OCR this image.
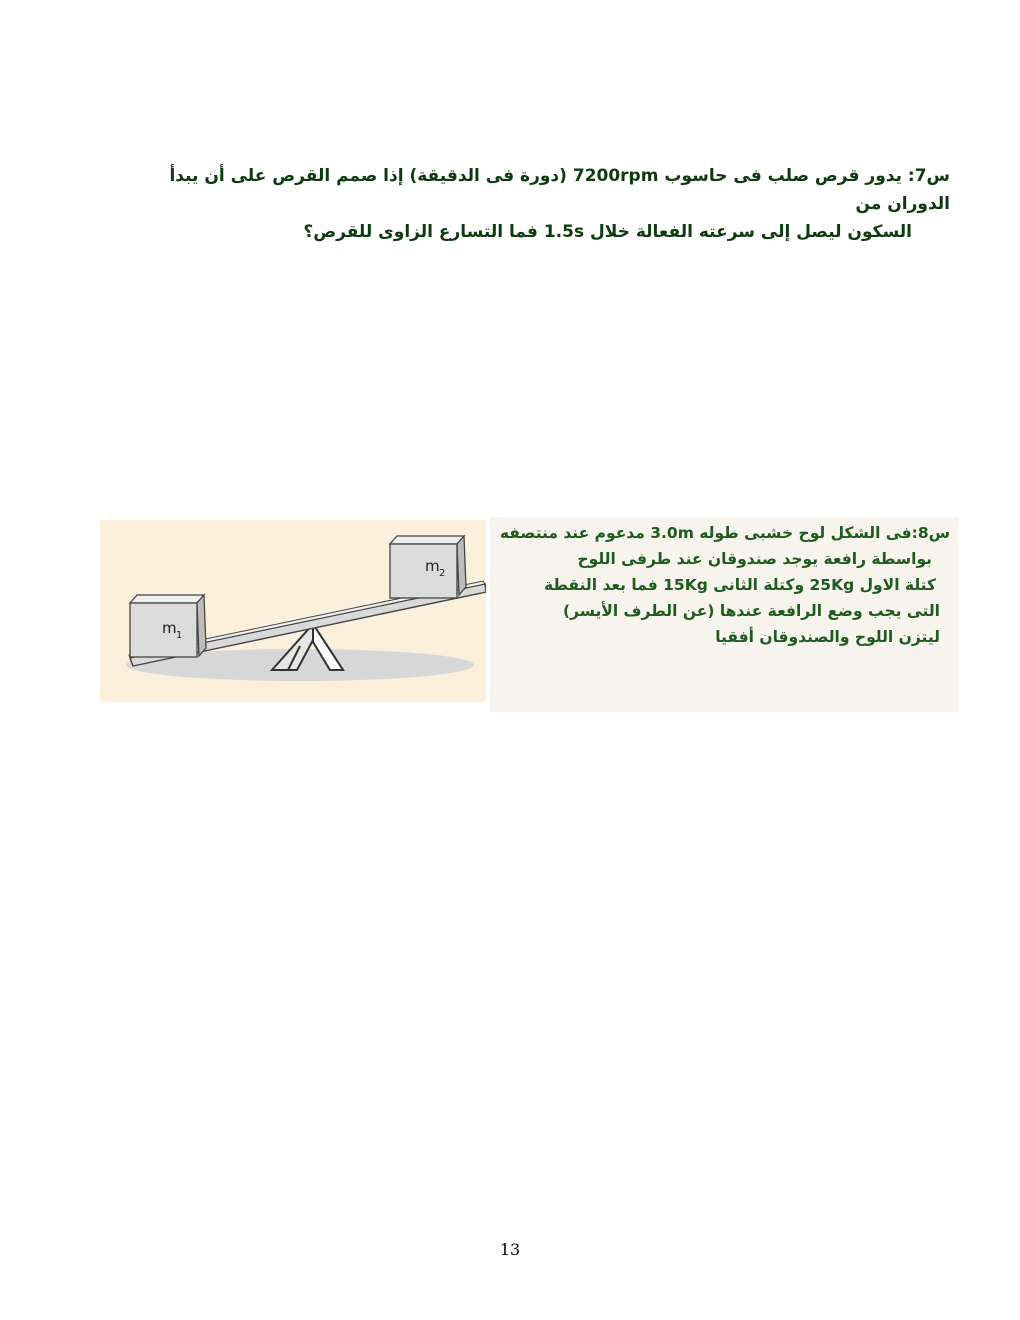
س7: يدور قرص صلب فى حاسوب 7200rpm (دورة فى الدقيقة) إذا صمم القرص على أن يبدأ الدوران من
السكون ليصل إلى سرعته الفعالة خلال 1.5s فما التسارع الزاوى للقرص؟
m 1
m 2
س8:فى الشكل لوح خشبى طوله 3.0m مدعوم عند منتصفه
بواسطة رافعة يوجد صندوقان عند طرفى اللوح
كتلة الاول 25Kg وكتلة الثانى 15Kg فما بعد النقطة
التى يجب وضع الرافعة عندها (عن الطرف الأيسر)
ليتزن اللوح والصندوقان أفقيا
13
